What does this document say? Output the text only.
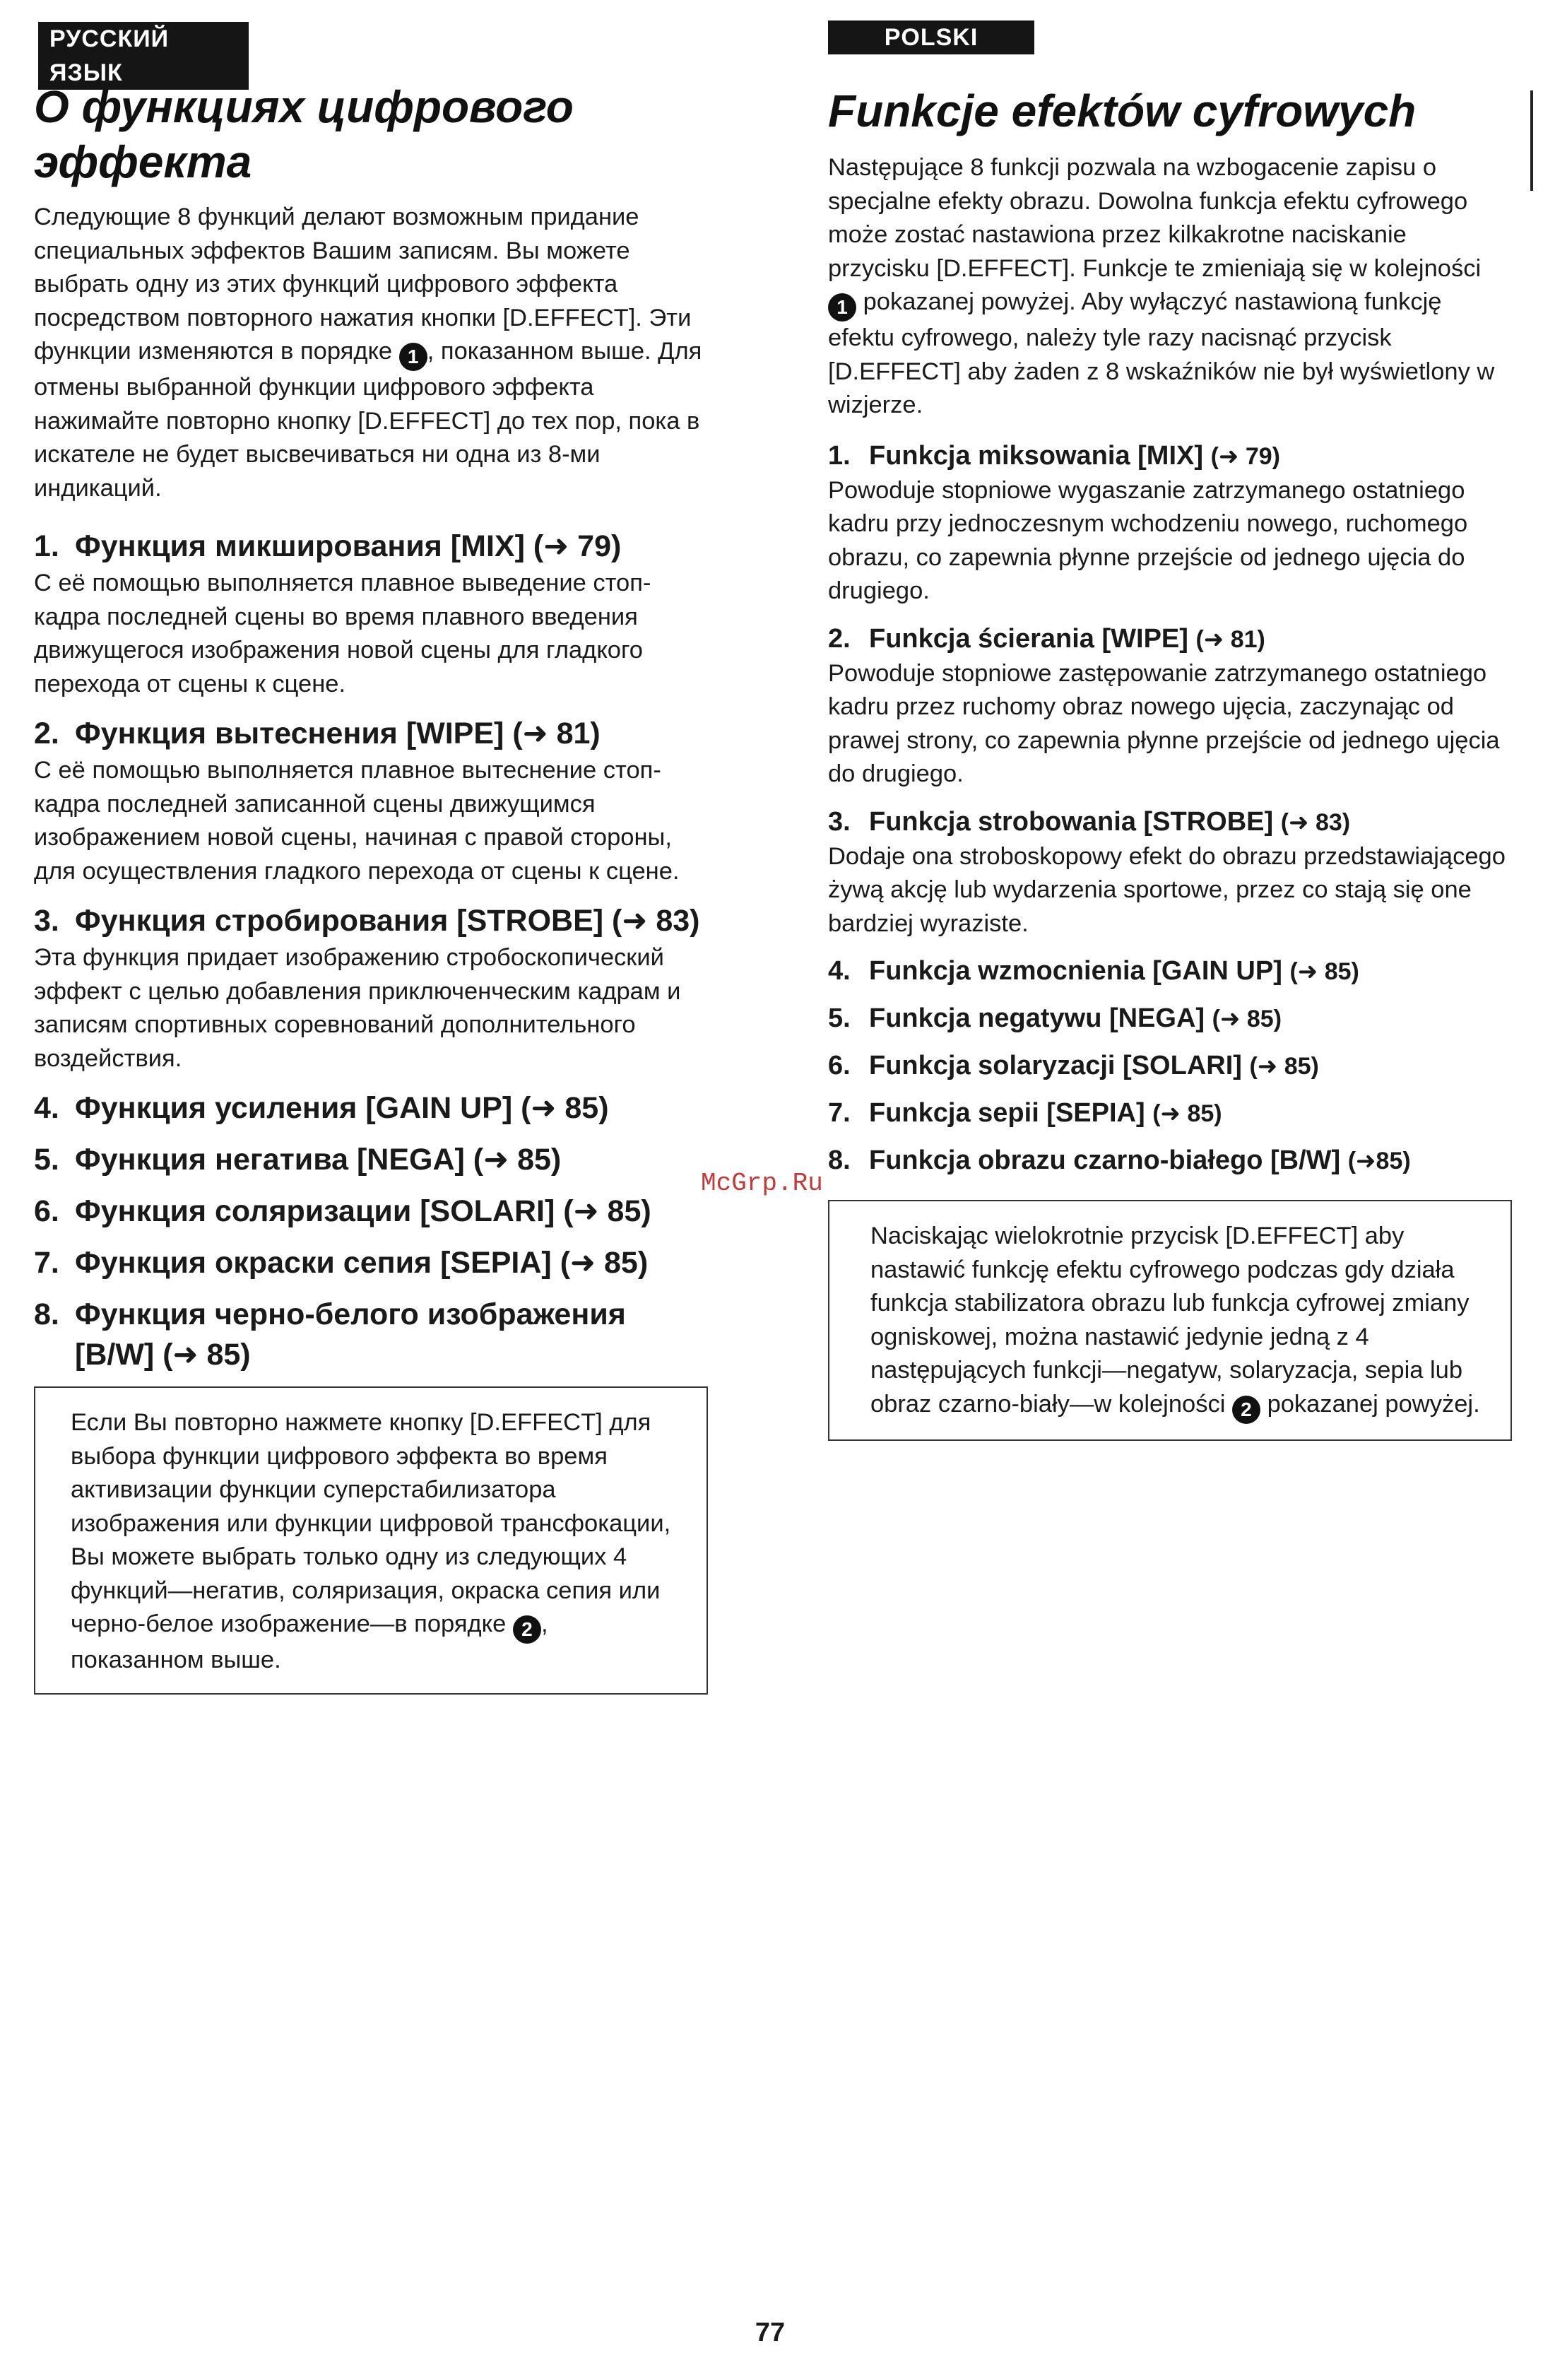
РУССКИЙ ЯЗЫК
О функциях цифрового эффекта

Следующие 8 функций делают возможным придание специальных эффектов Вашим записям. Вы можете выбрать одну из этих функций цифрового эффекта посредством повторного нажатия кнопки [D.EFFECT]. Эти функции изменяются в порядке 1 , показанном выше. Для отмены выбранной функции цифрового эффекта нажимайте повторно кнопку [D.EFFECT] до тех пор, пока в искателе не будет высвечиваться ни одна из 8-ми индикаций.

1. Функция микширования [MIX] (➜ 79)
С её помощью выполняется плавное выведение стоп-кадра последней сцены во время плавного введения движущегося изображения новой сцены для гладкого перехода от сцены к сцене.
2. Функция вытеснения [WIPE] (➜ 81)
С её помощью выполняется плавное вытеснение стоп-кадра последней записанной сцены движущимся изображением новой сцены, начиная с правой стороны, для осуществления гладкого перехода от сцены к сцене.
3. Функция стробирования [STROBE] (➜ 83)
Эта функция придает изображению стробоскопический эффект с целью добавления приключенческим кадрам и записям спортивных соревнований дополнительного воздействия.
4. Функция усиления [GAIN UP] (➜ 85)
5. Функция негатива [NEGA] (➜ 85)
6. Функция соляризации [SOLARI] (➜ 85)
7. Функция окраски сепия [SEPIA] (➜ 85)
8. Функция черно-белого изображения [B/W] (➜ 85)
Если Вы повторно нажмете кнопку [D.EFFECT] для выбора функции цифрового эффекта во время активизации функции суперстабилизатора изображения или функции цифровой трансфокации, Вы можете выбрать только одну из следующих 4 функций—негатив, соляризация, окраска сепия или черно-белое изображение—в порядке 2 , показанном выше.
POLSKI
Funkcje efektów cyfrowych

Następujące 8 funkcji pozwala na wzbogacenie zapisu o specjalne efekty obrazu. Dowolna funkcja efektu cyfrowego może zostać nastawiona przez kilkakrotne naciskanie przycisku [D.EFFECT]. Funkcje te zmieniają się w kolejności 1 pokazanej powyżej. Aby wyłączyć nastawioną funkcję efektu cyfrowego, należy tyle razy nacisnąć przycisk [D.EFFECT] aby żaden z 8 wskaźników nie był wyświetlony w wizjerze.

1. Funkcja miksowania [MIX] (➜ 79)
Powoduje stopniowe wygaszanie zatrzymanego ostatniego kadru przy jednoczesnym wchodzeniu nowego, ruchomego obrazu, co zapewnia płynne przejście od jednego ujęcia do drugiego.
2. Funkcja ścierania [WIPE] (➜ 81)
Powoduje stopniowe zastępowanie zatrzymanego ostatniego kadru przez ruchomy obraz nowego ujęcia, zaczynając od prawej strony, co zapewnia płynne przejście od jednego ujęcia do drugiego.
3. Funkcja strobowania [STROBE] (➜ 83)
Dodaje ona stroboskopowy efekt do obrazu przedstawiającego żywą akcję lub wydarzenia sportowe, przez co stają się one bardziej wyraziste.
4. Funkcja wzmocnienia [GAIN UP] (➜ 85)
5. Funkcja negatywu [NEGA] (➜ 85)
6. Funkcja solaryzacji [SOLARI] (➜ 85)
7. Funkcja sepii [SEPIA] (➜ 85)
8. Funkcja obrazu czarno-białego [B/W] (➜85)
Naciskając wielokrotnie przycisk [D.EFFECT] aby nastawić funkcję efektu cyfrowego podczas gdy działa funkcja stabilizatora obrazu lub funkcja cyfrowej zmiany ogniskowej, można nastawić jedynie jedną z 4 następujących funkcji—negatyw, solaryzacja, sepia lub obraz czarno-biały—w kolejności 2 pokazanej powyżej.
McGrp.Ru
77
